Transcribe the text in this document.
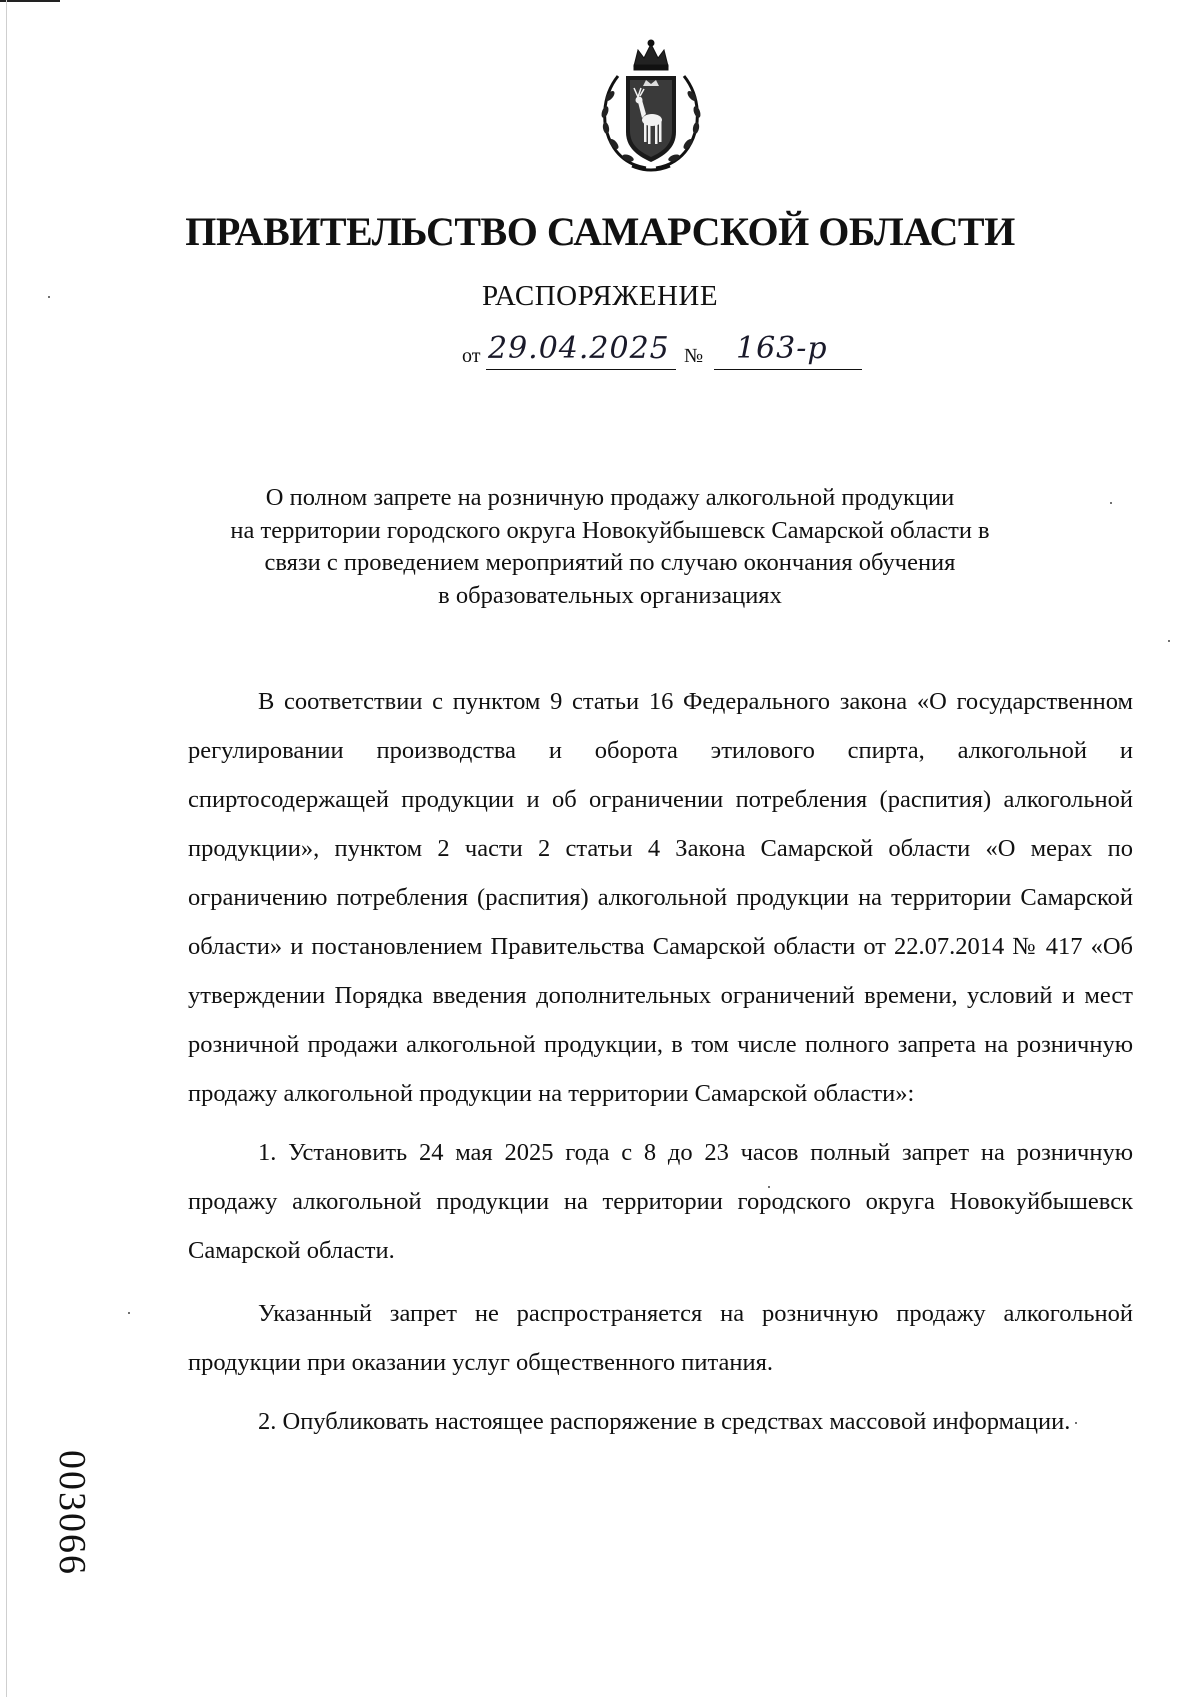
ПРАВИТЕЛЬСТВО САМАРСКОЙ ОБЛАСТИ
РАСПОРЯЖЕНИЕ
от 29.04.2025 № 163-р
О полном запрете на розничную продажу алкогольной продукции
на территории городского округа Новокуйбышевск Самарской области в
связи с проведением мероприятий по случаю окончания обучения
в образовательных организациях

В соответствии с пунктом 9 статьи 16 Федерального закона «О государственном регулировании производства и оборота этилового спирта, алкогольной и спиртосодержащей продукции и об ограничении потребления (распития) алкогольной продукции», пунктом 2 части 2 статьи 4 Закона Самарской области «О мерах по ограничению потребления (распития) алкогольной продукции на территории Самарской области» и постановлением Правительства Самарской области от 22.07.2014 № 417 «Об утверждении Порядка введения дополнительных ограничений времени, условий и мест розничной продажи алкогольной продукции, в том числе полного запрета на розничную продажу алкогольной продукции на территории Самарской области»:

1. Установить 24 мая 2025 года с 8 до 23 часов полный запрет на розничную продажу алкогольной продукции на территории городского округа Новокуйбышевск Самарской области.

Указанный запрет не распространяется на розничную продажу алкогольной продукции при оказании услуг общественного питания.

2. Опубликовать настоящее распоряжение в средствах массовой информации.

003066
